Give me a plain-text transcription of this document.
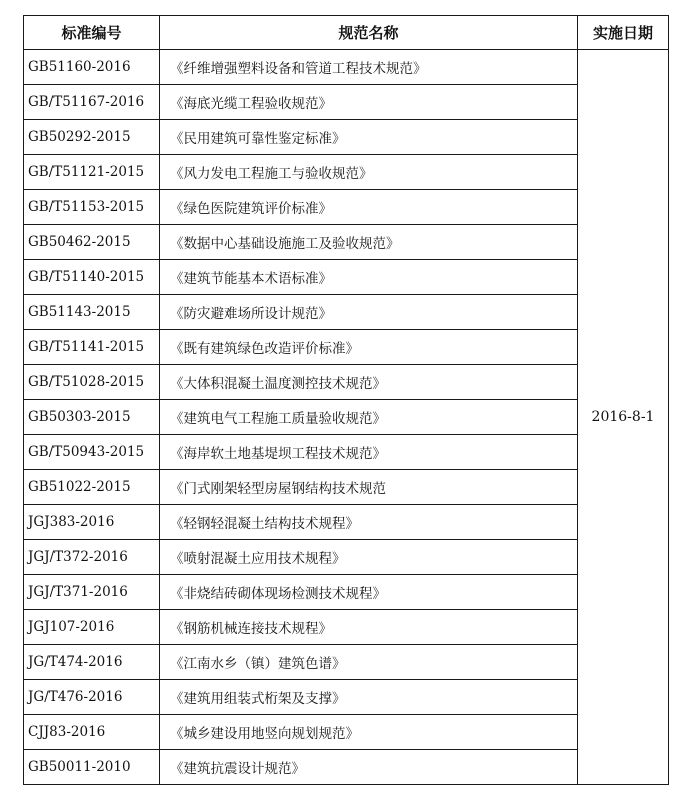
标准编号	规范名称	实施日期
GB51160-2016	《纤维增强塑料设备和管道工程技术规范》	2016-8-1
GB/T51167-2016	《海底光缆工程验收规范》	
GB50292-2015	《民用建筑可靠性鉴定标准》	
GB/T51121-2015	《风力发电工程施工与验收规范》	
GB/T51153-2015	《绿色医院建筑评价标准》	
GB50462-2015	《数据中心基础设施施工及验收规范》	
GB/T51140-2015	《建筑节能基本术语标准》	
GB51143-2015	《防灾避难场所设计规范》	
GB/T51141-2015	《既有建筑绿色改造评价标准》	
GB/T51028-2015	《大体积混凝土温度测控技术规范》	
GB50303-2015	《建筑电气工程施工质量验收规范》	
GB/T50943-2015	《海岸软土地基堤坝工程技术规范》	
GB51022-2015	《门式刚架轻型房屋钢结构技术规范	
JGJ383-2016	《轻钢轻混凝土结构技术规程》	
JGJ/T372-2016	《喷射混凝土应用技术规程》	
JGJ/T371-2016	《非烧结砖砌体现场检测技术规程》	
JGJ107-2016	《钢筋机械连接技术规程》	
JG/T474-2016	《江南水乡（镇）建筑色谱》	
JG/T476-2016	《建筑用组装式桁架及支撑》	
CJJ83-2016	《城乡建设用地竖向规划规范》	
GB50011-2010	《建筑抗震设计规范》	
